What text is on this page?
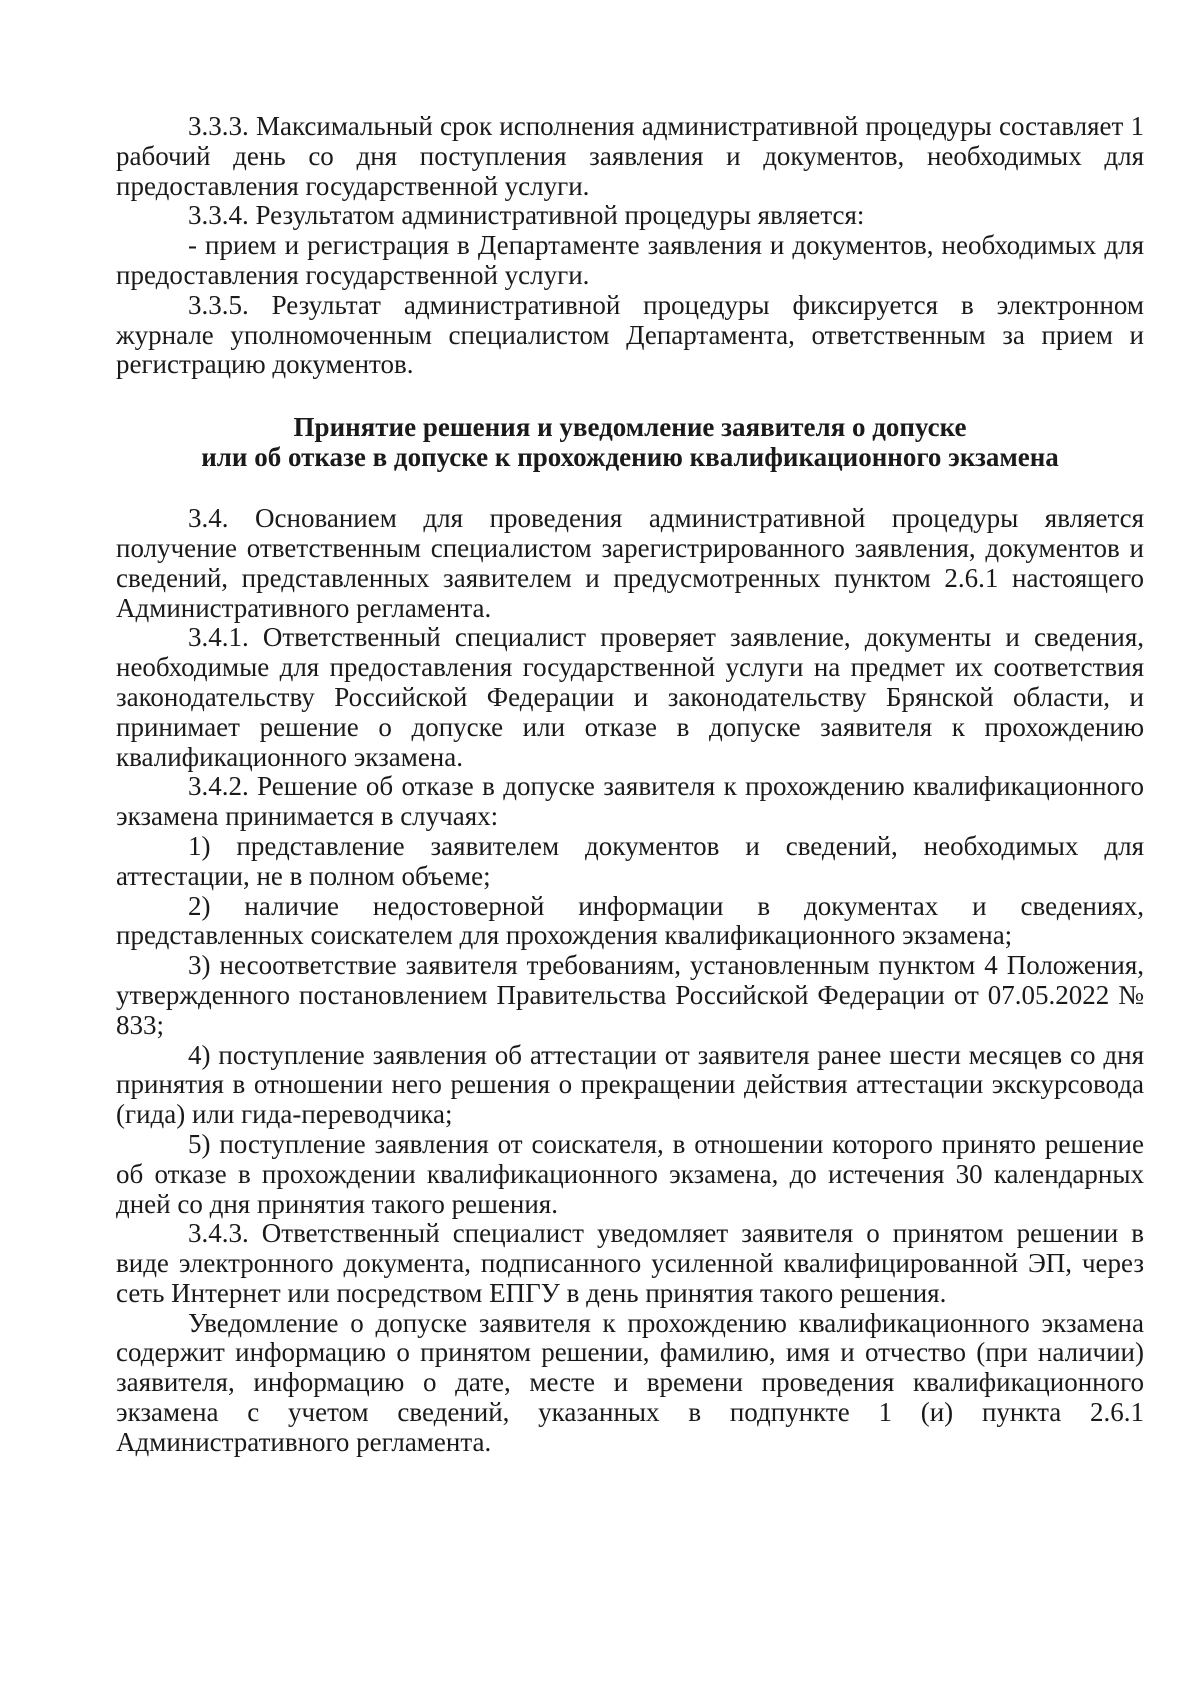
3.3.3. Максимальный срок исполнения административной процедуры составляет 1 рабочий день со дня поступления заявления и документов, необходимых для предоставления государственной услуги.

3.3.4. Результатом административной процедуры является:

- прием и регистрация в Департаменте заявления и документов, необходимых для предоставления государственной услуги.

3.3.5. Результат административной процедуры фиксируется в электронном журнале уполномоченным специалистом Департамента, ответственным за прием и регистрацию документов.

Принятие решения и уведомление заявителя о допуске

или об отказе в допуске к прохождению квалификационного экзамена

3.4. Основанием для проведения административной процедуры является получение ответственным специалистом зарегистрированного заявления, документов и сведений, представленных заявителем и предусмотренных пунктом 2.6.1 настоящего Административного регламента.

3.4.1. Ответственный специалист проверяет заявление, документы и сведения, необходимые для предоставления государственной услуги на предмет их соответствия законодательству Российской Федерации и законодательству Брянской области, и принимает решение о допуске или отказе в допуске заявителя к прохождению квалификационного экзамена.

3.4.2. Решение об отказе в допуске заявителя к прохождению квалификационного экзамена принимается в случаях:

1) представление заявителем документов и сведений, необходимых для аттестации, не в полном объеме;

2) наличие недостоверной информации в документах и сведениях, представленных соискателем для прохождения квалификационного экзамена;

3) несоответствие заявителя требованиям, установленным пунктом 4 Положения, утвержденного постановлением Правительства Российской Федерации от 07.05.2022 № 833;

4) поступление заявления об аттестации от заявителя ранее шести месяцев со дня принятия в отношении него решения о прекращении действия аттестации экскурсовода (гида) или гида-переводчика;

5) поступление заявления от соискателя, в отношении которого принято решение об отказе в прохождении квалификационного экзамена, до истечения 30 календарных дней со дня принятия такого решения.

3.4.3. Ответственный специалист уведомляет заявителя о принятом решении в виде электронного документа, подписанного усиленной квалифицированной ЭП, через сеть Интернет или посредством ЕПГУ в день принятия такого решения.

Уведомление о допуске заявителя к прохождению квалификационного экзамена содержит информацию о принятом решении, фамилию, имя и отчество (при наличии) заявителя, информацию о дате, месте и времени проведения квалификационного экзамена с учетом сведений, указанных в подпункте 1 (и) пункта 2.6.1 Административного регламента.
